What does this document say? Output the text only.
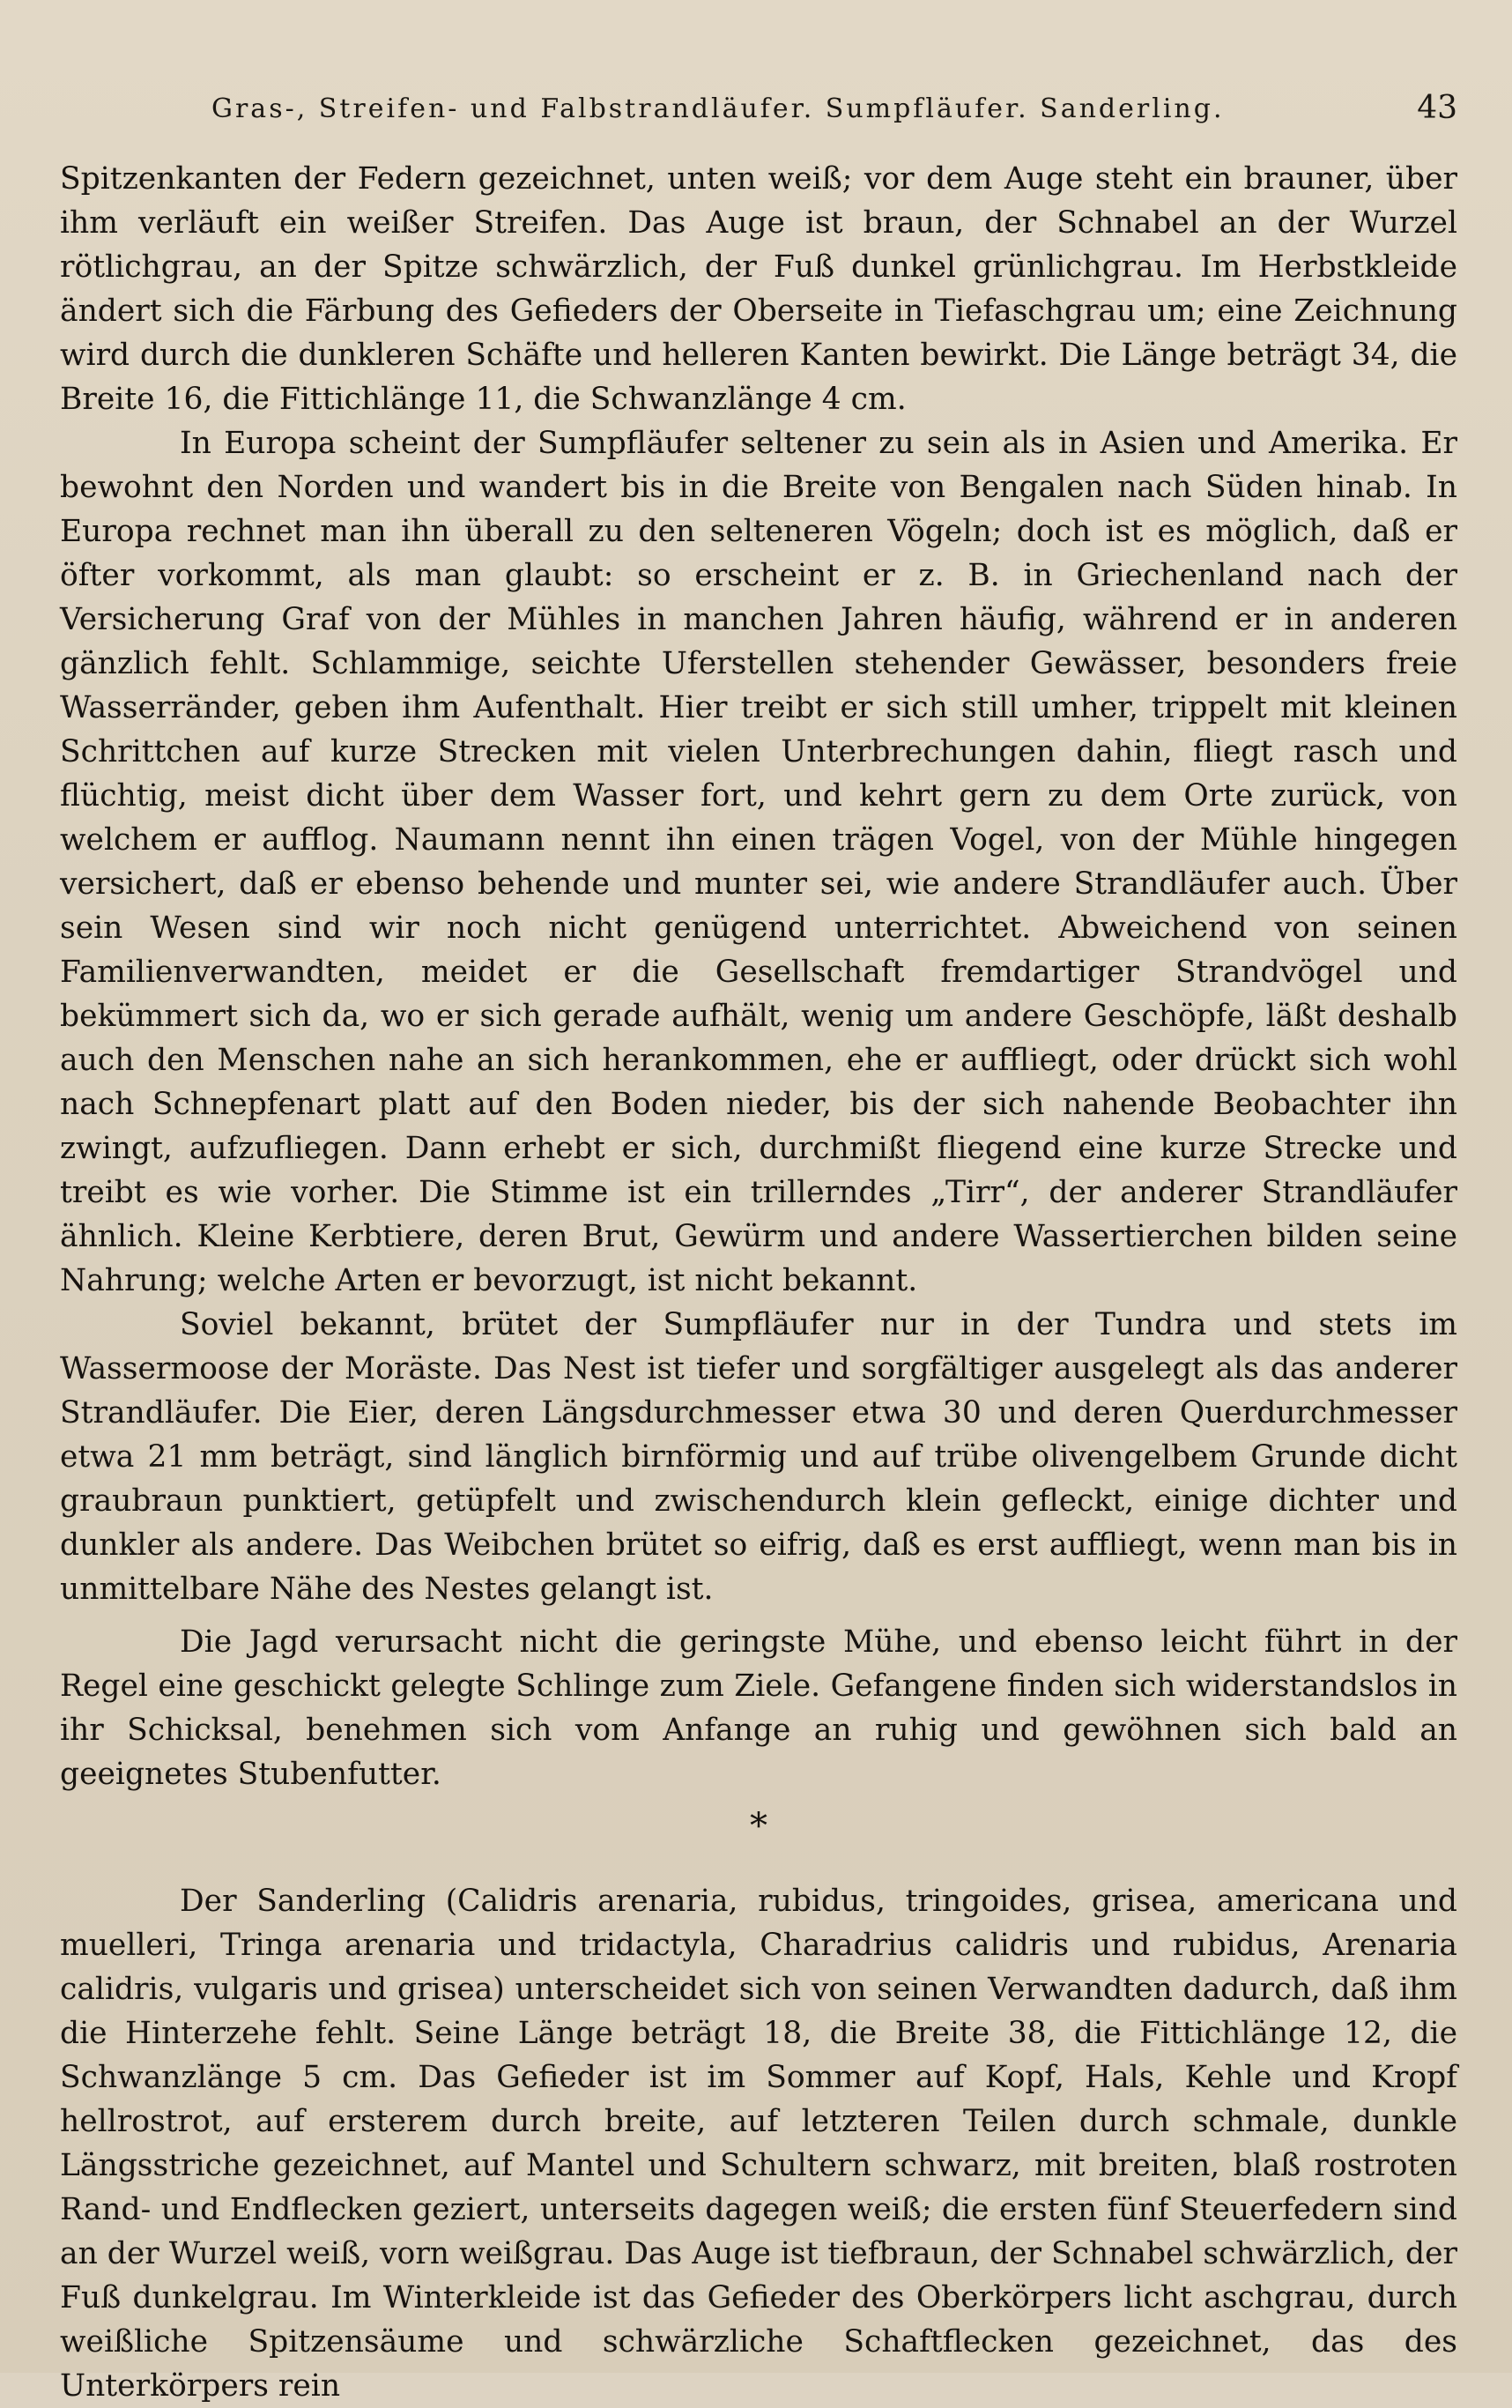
Gras-, Streifen- und Falbstrandläufer. Sumpfläufer. Sanderling.	43

Spitzenkanten der Federn gezeichnet, unten weiß; vor dem Auge steht ein brauner, über ihm verläuft ein weißer Streifen. Das Auge ist braun, der Schnabel an der Wurzel rötlichgrau, an der Spitze schwärzlich, der Fuß dunkel grünlichgrau. Im Herbstkleide ändert sich die Färbung des Gefieders der Oberseite in Tiefaschgrau um; eine Zeichnung wird durch die dunkleren Schäfte und helleren Kanten bewirkt. Die Länge beträgt 34, die Breite 16, die Fittichlänge 11, die Schwanzlänge 4 cm.

In Europa scheint der Sumpfläufer seltener zu sein als in Asien und Amerika. Er bewohnt den Norden und wandert bis in die Breite von Bengalen nach Süden hinab. In Europa rechnet man ihn überall zu den selteneren Vögeln; doch ist es möglich, daß er öfter vorkommt, als man glaubt: so erscheint er z. B. in Griechenland nach der Versicherung Graf von der Mühles in manchen Jahren häufig, während er in anderen gänzlich fehlt. Schlammige, seichte Uferstellen stehender Gewässer, besonders freie Wasserränder, geben ihm Aufenthalt. Hier treibt er sich still umher, trippelt mit kleinen Schrittchen auf kurze Strecken mit vielen Unterbrechungen dahin, fliegt rasch und flüchtig, meist dicht über dem Wasser fort, und kehrt gern zu dem Orte zurück, von welchem er aufflog. Naumann nennt ihn einen trägen Vogel, von der Mühle hingegen versichert, daß er ebenso behende und munter sei, wie andere Strandläufer auch. Über sein Wesen sind wir noch nicht genügend unterrichtet. Abweichend von seinen Familienverwandten, meidet er die Gesellschaft fremdartiger Strandvögel und bekümmert sich da, wo er sich gerade aufhält, wenig um andere Geschöpfe, läßt deshalb auch den Menschen nahe an sich herankommen, ehe er auffliegt, oder drückt sich wohl nach Schnepfenart platt auf den Boden nieder, bis der sich nahende Beobachter ihn zwingt, aufzufliegen. Dann erhebt er sich, durchmißt fliegend eine kurze Strecke und treibt es wie vorher. Die Stimme ist ein trillerndes „Tirr“, der anderer Strandläufer ähnlich. Kleine Kerbtiere, deren Brut, Gewürm und andere Wassertierchen bilden seine Nahrung; welche Arten er bevorzugt, ist nicht bekannt.

Soviel bekannt, brütet der Sumpfläufer nur in der Tundra und stets im Wassermoose der Moräste. Das Nest ist tiefer und sorgfältiger ausgelegt als das anderer Strandläufer. Die Eier, deren Längsdurchmesser etwa 30 und deren Querdurchmesser etwa 21 mm beträgt, sind länglich birnförmig und auf trübe olivengelbem Grunde dicht graubraun punktiert, getüpfelt und zwischendurch klein gefleckt, einige dichter und dunkler als andere. Das Weibchen brütet so eifrig, daß es erst auffliegt, wenn man bis in unmittelbare Nähe des Nestes gelangt ist.

Die Jagd verursacht nicht die geringste Mühe, und ebenso leicht führt in der Regel eine geschickt gelegte Schlinge zum Ziele. Gefangene finden sich widerstandslos in ihr Schicksal, benehmen sich vom Anfange an ruhig und gewöhnen sich bald an geeignetes Stubenfutter.

*

Der Sanderling (Calidris arenaria, rubidus, tringoides, grisea, americana und muelleri, Tringa arenaria und tridactyla, Charadrius calidris und rubidus, Arenaria calidris, vulgaris und grisea) unterscheidet sich von seinen Verwandten dadurch, daß ihm die Hinterzehe fehlt. Seine Länge beträgt 18, die Breite 38, die Fittichlänge 12, die Schwanzlänge 5 cm. Das Gefieder ist im Sommer auf Kopf, Hals, Kehle und Kropf hellrostrot, auf ersterem durch breite, auf letzteren Teilen durch schmale, dunkle Längsstriche gezeichnet, auf Mantel und Schultern schwarz, mit breiten, blaß rostroten Rand- und Endflecken geziert, unterseits dagegen weiß; die ersten fünf Steuerfedern sind an der Wurzel weiß, vorn weißgrau. Das Auge ist tiefbraun, der Schnabel schwärzlich, der Fuß dunkelgrau. Im Winterkleide ist das Gefieder des Oberkörpers licht aschgrau, durch weißliche Spitzensäume und schwärzliche Schaftflecken gezeichnet, das des Unterkörpers rein
